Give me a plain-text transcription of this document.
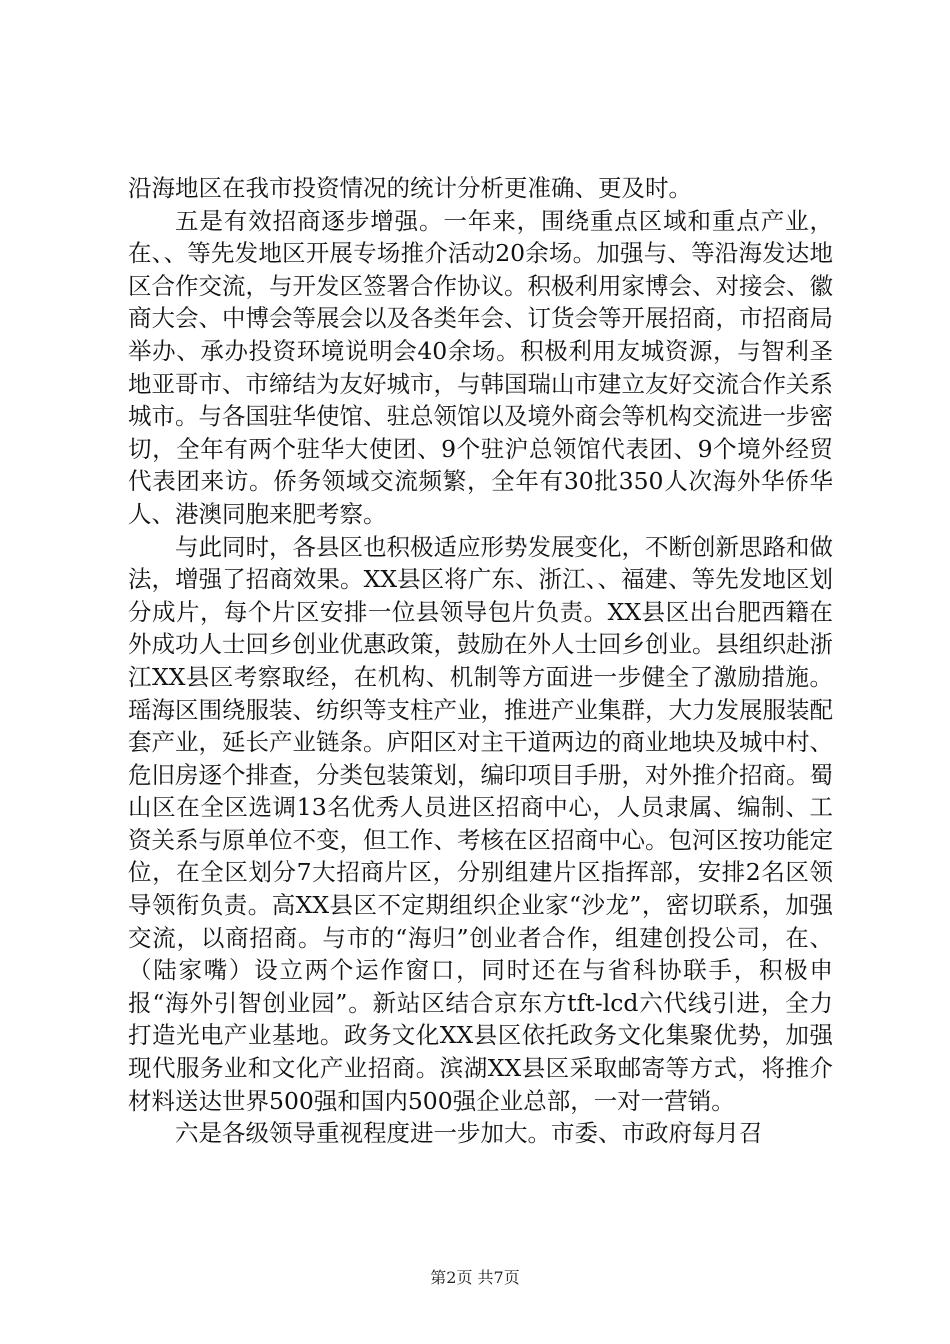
沿海地区在我市投资情况的统计分析更准确、更及时。

五是有效招商逐步增强。一年来，围绕重点区域和重点产业，在、、等先发地区开展专场推介活动20余场。加强与、等沿海发达地区合作交流，与开发区签署合作协议。积极利用家博会、对接会、徽商大会、中博会等展会以及各类年会、订货会等开展招商，市招商局举办、承办投资环境说明会40余场。积极利用友城资源，与智利圣地亚哥市、市缔结为友好城市，与韩国瑞山市建立友好交流合作关系城市。与各国驻华使馆、驻总领馆以及境外商会等机构交流进一步密切，全年有两个驻华大使团、9个驻沪总领馆代表团、9个境外经贸代表团来访。侨务领域交流频繁，全年有30批350人次海外华侨华人、港澳同胞来肥考察。

与此同时，各县区也积极适应形势发展变化，不断创新思路和做法，增强了招商效果。XX县区将广东、浙江、、福建、等先发地区划分成片，每个片区安排一位县领导包片负责。XX县区出台肥西籍在外成功人士回乡创业优惠政策，鼓励在外人士回乡创业。县组织赴浙江XX县区考察取经，在机构、机制等方面进一步健全了激励措施。瑶海区围绕服装、纺织等支柱产业，推进产业集群，大力发展服装配套产业，延长产业链条。庐阳区对主干道两边的商业地块及城中村、危旧房逐个排查，分类包装策划，编印项目手册，对外推介招商。蜀山区在全区选调13名优秀人员进区招商中心，人员隶属、编制、工资关系与原单位不变，但工作、考核在区招商中心。包河区按功能定位，在全区划分7大招商片区，分别组建片区指挥部，安排2名区领导领衔负责。高XX县区不定期组织企业家“沙龙”，密切联系，加强交流，以商招商。与市的“海归”创业者合作，组建创投公司，在、（陆家嘴）设立两个运作窗口，同时还在与省科协联手，积极申报“海外引智创业园”。新站区结合京东方tft-lcd六代线引进，全力打造光电产业基地。政务文化XX县区依托政务文化集聚优势，加强现代服务业和文化产业招商。滨湖XX县区采取邮寄等方式，将推介材料送达世界500强和国内500强企业总部，一对一营销。

六是各级领导重视程度进一步加大。市委、市政府每月召

第2页 共7页
